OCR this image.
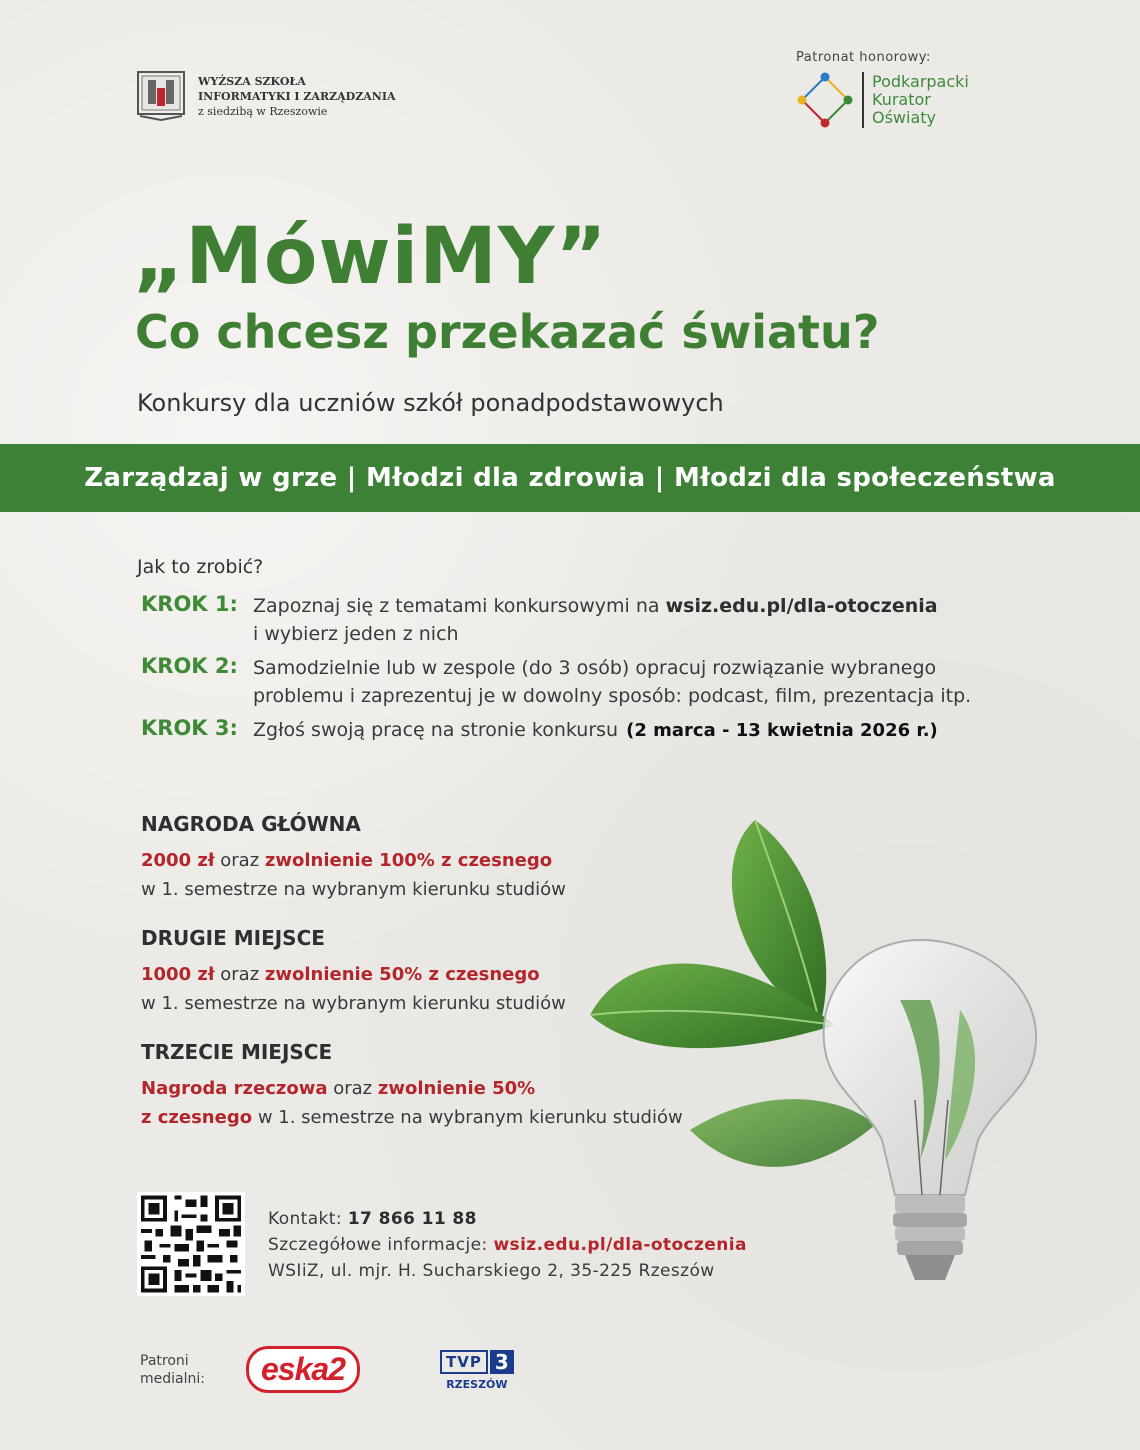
WYŻSZA SZKOŁA
INFORMATYKI I ZARZĄDZANIA
z siedzibą w Rzeszowie
Patronat honorowy:
Podkarpacki
Kurator
Oświaty
„MówiMY”
Co chcesz przekazać światu?
Konkursy dla uczniów szkół ponadpodstawowych
Zarządzaj w grze | Młodzi dla zdrowia | Młodzi dla społeczeństwa
Jak to zrobić?
KROK 1: Zapoznaj się z tematami konkursowymi na wsiz.edu.pl/dla-otoczenia
i wybierz jeden z nich
KROK 2: Samodzielnie lub w zespole (do 3 osób) opracuj rozwiązanie wybranego
problemu i zaprezentuj je w dowolny sposób: podcast, film, prezentacja itp.
KROK 3: Zgłoś swoją pracę na stronie konkursu (2 marca - 13 kwietnia 2026 r.)
NAGRODA GŁÓWNA
2000 zł oraz zwolnienie 100% z czesnego
w 1. semestrze na wybranym kierunku studiów
DRUGIE MIEJSCE
1000 zł oraz zwolnienie 50% z czesnego
w 1. semestrze na wybranym kierunku studiów
TRZECIE MIEJSCE
Nagroda rzeczowa oraz zwolnienie 50%
z czesnego w 1. semestrze na wybranym kierunku studiów
Kontakt: 17 866 11 88
Szczegółowe informacje: wsiz.edu.pl/dla-otoczenia
WSIiZ, ul. mjr. H. Sucharskiego 2, 35-225 Rzeszów
Patroni
medialni:	eska2	TVP 3
RZESZÓW
